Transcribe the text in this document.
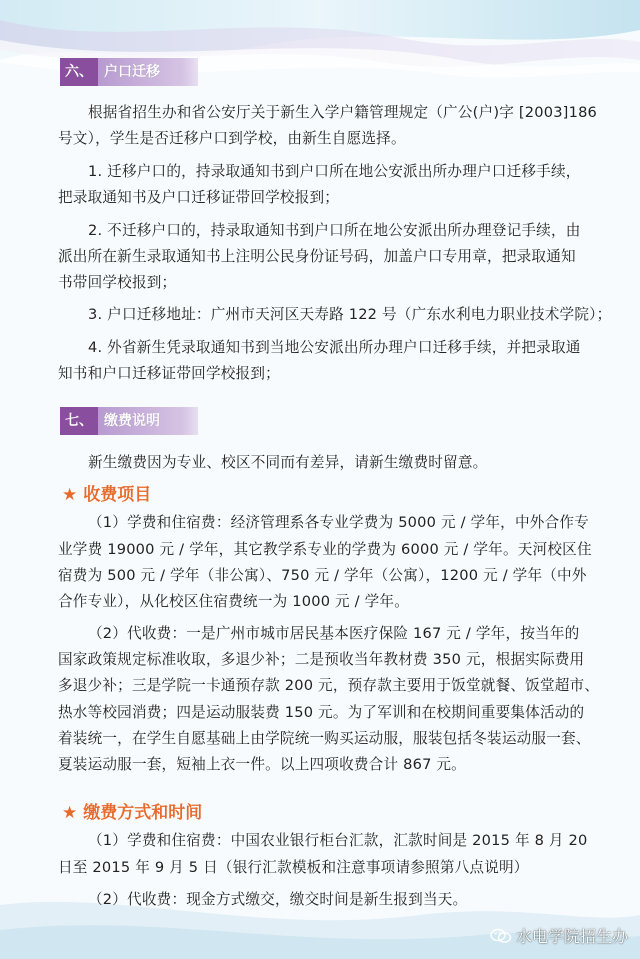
六、 户口迁移
根据省招生办和省公安厅关于新生入学户籍管理规定（广公(户)字 [2003]186
号文），学生是否迁移户口到学校，由新生自愿选择。
1. 迁移户口的，持录取通知书到户口所在地公安派出所办理户口迁移手续，
把录取通知书及户口迁移证带回学校报到；
2. 不迁移户口的，持录取通知书到户口所在地公安派出所办理登记手续，由
派出所在新生录取通知书上注明公民身份证号码，加盖户口专用章，把录取通知
书带回学校报到；
3. 户口迁移地址：广州市天河区天寿路 122 号（广东水利电力职业技术学院）；
4. 外省新生凭录取通知书到当地公安派出所办理户口迁移手续，并把录取通
知书和户口迁移证带回学校报到；
七、 缴费说明
新生缴费因为专业、校区不同而有差异，请新生缴费时留意。
★ 收费项目
（1）学费和住宿费：经济管理系各专业学费为 5000 元 / 学年，中外合作专
业学费 19000 元 / 学年，其它教学系专业的学费为 6000 元 / 学年。天河校区住
宿费为 500 元 / 学年（非公寓）、750 元 / 学年（公寓），1200 元 / 学年（中外
合作专业），从化校区住宿费统一为 1000 元 / 学年。
（2）代收费：一是广州市城市居民基本医疗保险 167 元 / 学年，按当年的
国家政策规定标准收取，多退少补；二是预收当年教材费 350 元，根据实际费用
多退少补；三是学院一卡通预存款 200 元，预存款主要用于饭堂就餐、饭堂超市、
热水等校园消费；四是运动服装费 150 元。为了军训和在校期间重要集体活动的
着装统一，在学生自愿基础上由学院统一购买运动服，服装包括冬装运动服一套、
夏装运动服一套，短袖上衣一件。以上四项收费合计 867 元。
★ 缴费方式和时间
（1）学费和住宿费：中国农业银行柜台汇款，汇款时间是 2015 年 8 月 20
日至 2015 年 9 月 5 日（银行汇款模板和注意事项请参照第八点说明）
（2）代收费：现金方式缴交，缴交时间是新生报到当天。
水电学院招生办
